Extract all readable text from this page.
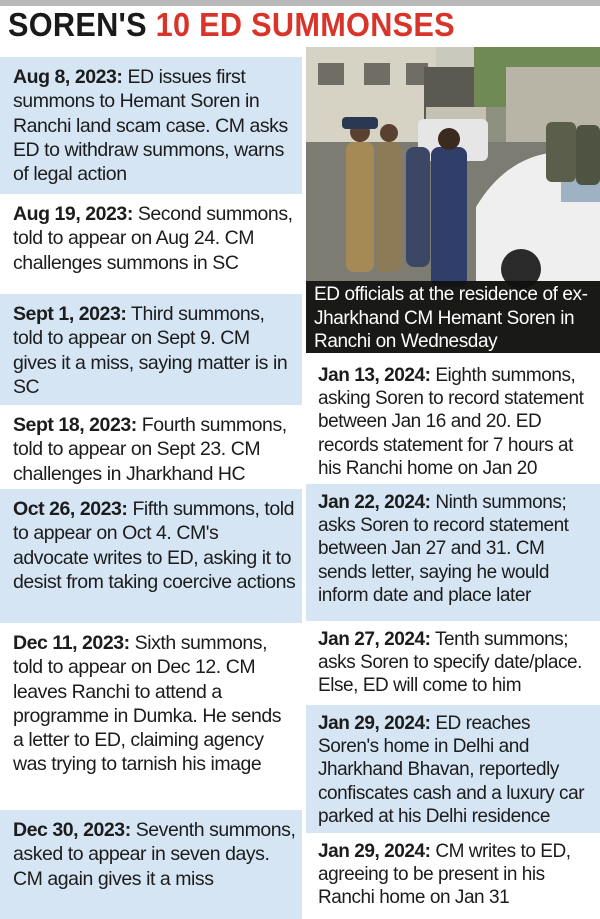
SOREN'S 10 ED SUMMONSES
Aug 8, 2023: ED issues first summons to Hemant Soren in Ranchi land scam case. CM asks ED to withdraw summons, warns of legal action
Aug 19, 2023: Second summons, told to appear on Aug 24. CM challenges summons in SC
Sept 1, 2023: Third summons, told to appear on Sept 9. CM gives it a miss, saying matter is in SC
Sept 18, 2023: Fourth summons, told to appear on Sept 23. CM challenges in Jharkhand HC
Oct 26, 2023: Fifth summons, told to appear on Oct 4. CM's advocate writes to ED, asking it to desist from taking coercive actions
Dec 11, 2023: Sixth summons, told to appear on Dec 12. CM leaves Ranchi to attend a programme in Dumka. He sends a letter to ED, claiming agency was trying to tarnish his image
Dec 30, 2023: Seventh summons, asked to appear in seven days. CM again gives it a miss
ED officials at the residence of ex-Jharkhand CM Hemant Soren in Ranchi on Wednesday
Jan 13, 2024: Eighth summons, asking Soren to record statement between Jan 16 and 20. ED records statement for 7 hours at his Ranchi home on Jan 20
Jan 22, 2024: Ninth summons; asks Soren to record statement between Jan 27 and 31. CM sends letter, saying he would inform date and place later
Jan 27, 2024: Tenth summons; asks Soren to specify date/place. Else, ED will come to him
Jan 29, 2024: ED reaches Soren's home in Delhi and Jharkhand Bhavan, reportedly confiscates cash and a luxury car parked at his Delhi residence
Jan 29, 2024: CM writes to ED, agreeing to be present in his Ranchi home on Jan 31
